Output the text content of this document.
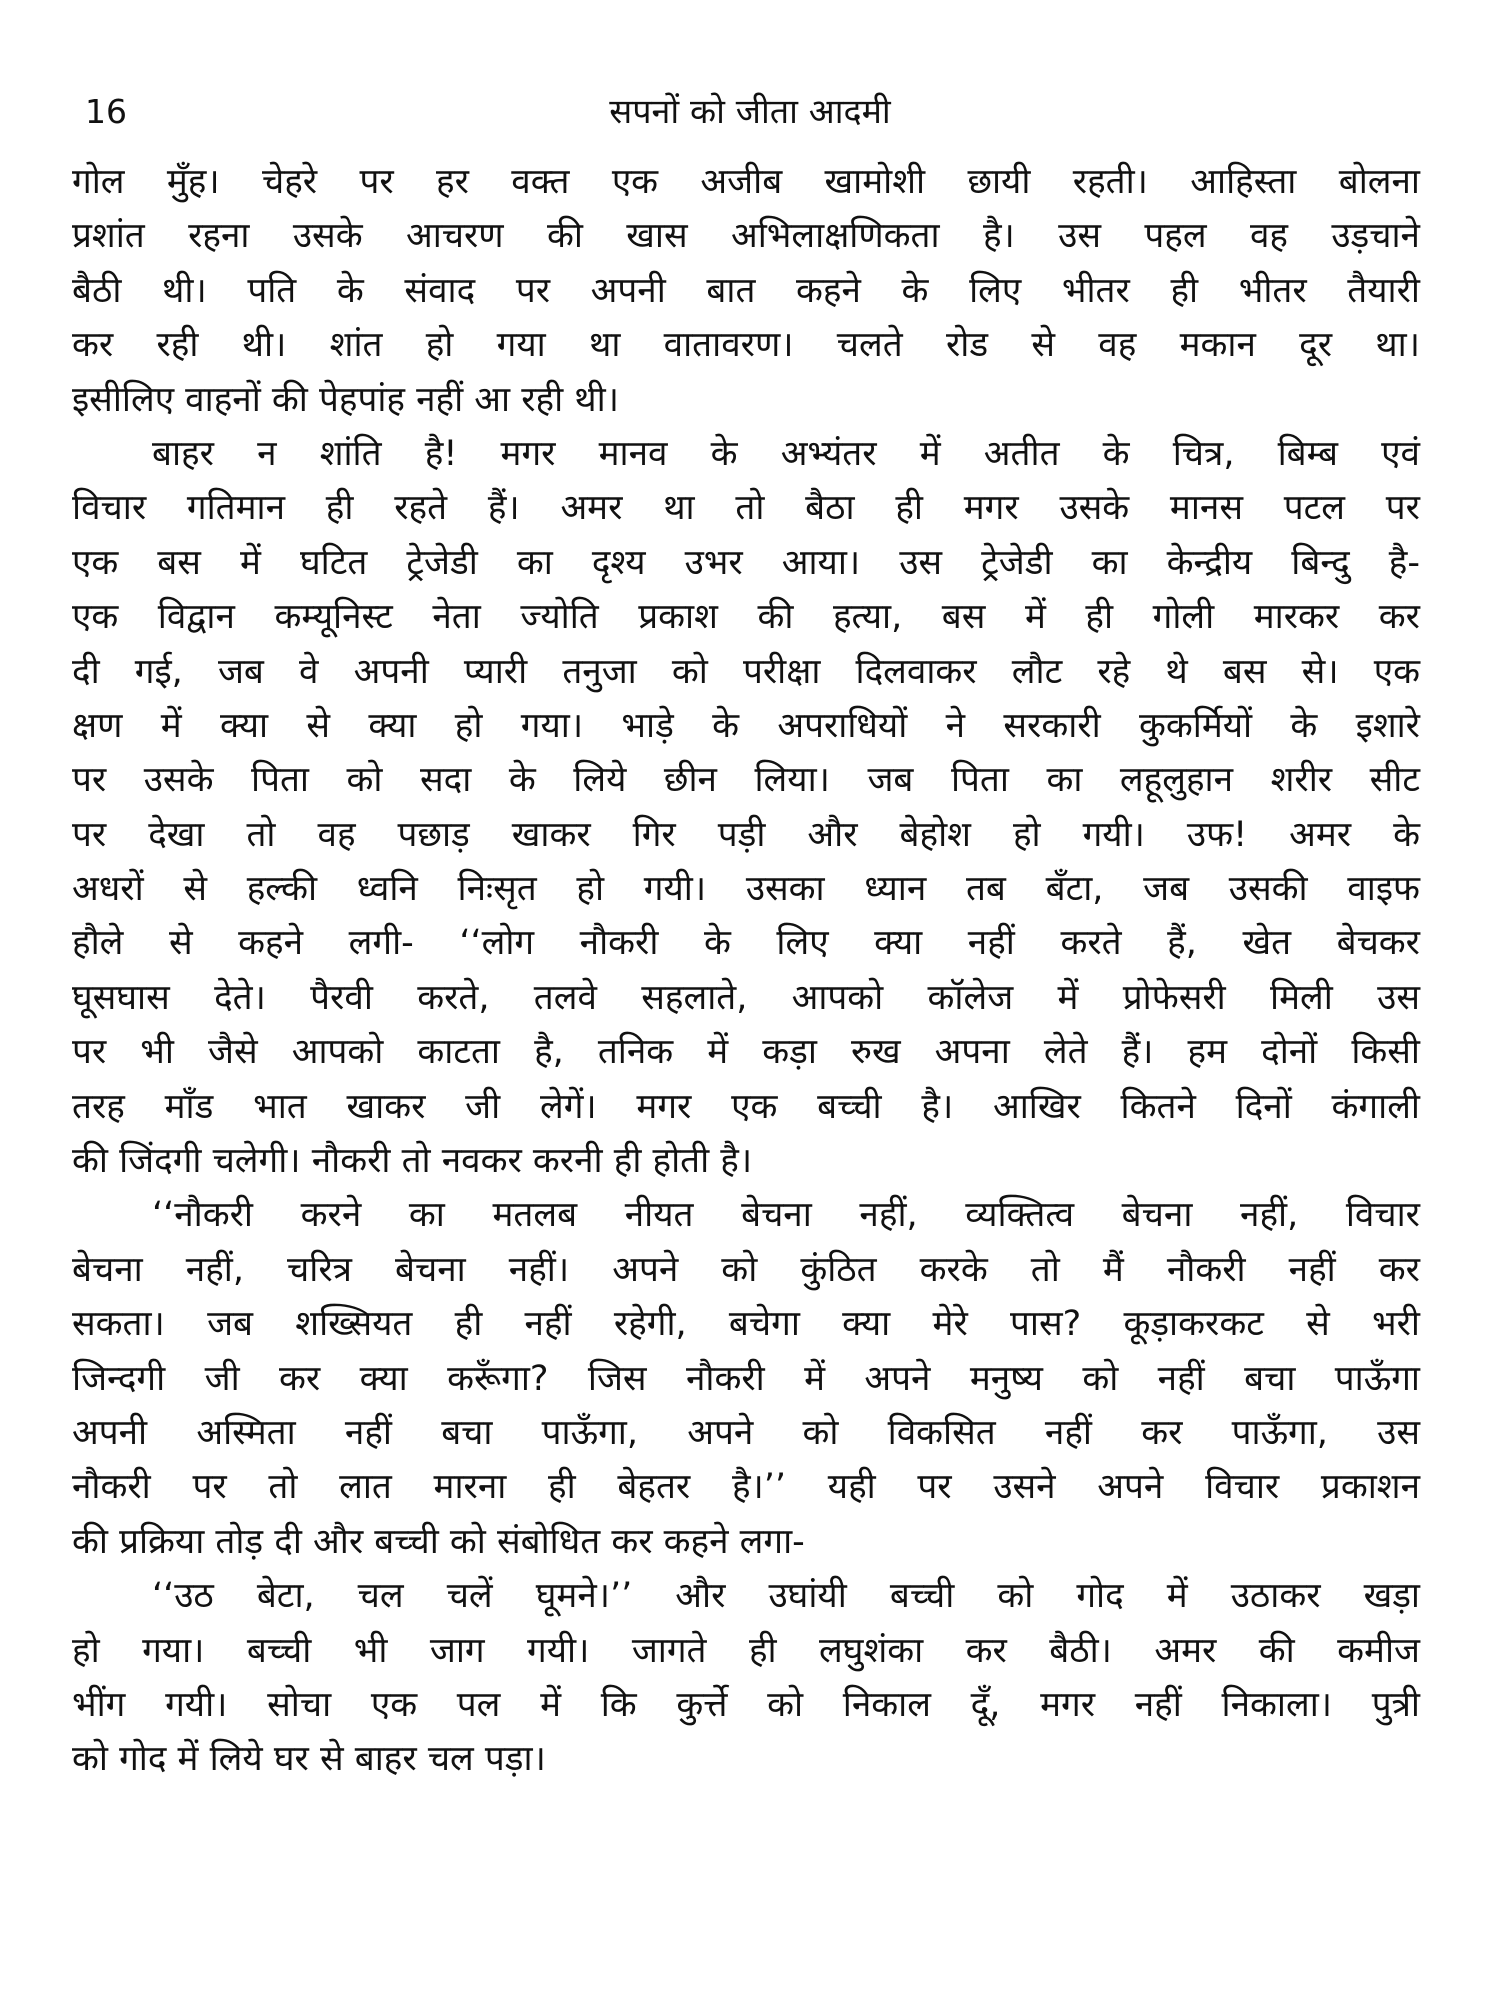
16	सपनों को जीता आदमी
गोल मुँह। चेहरे पर हर वक्त एक अजीब खामोशी छायी रहती। आहिस्ता बोलना
प्रशांत रहना उसके आचरण की खास अभिलाक्षणिकता है। उस पहल वह उड़चाने
बैठी थी। पति के संवाद पर अपनी बात कहने के लिए भीतर ही भीतर तैयारी
कर रही थी। शांत हो गया था वातावरण। चलते रोड से वह मकान दूर था।
इसीलिए वाहनों की पेहपांह नहीं आ रही थी।
बाहर न शांति है! मगर मानव के अभ्यंतर में अतीत के चित्र, बिम्ब एवं
विचार गतिमान ही रहते हैं। अमर था तो बैठा ही मगर उसके मानस पटल पर
एक बस में घटित ट्रेजेडी का दृश्य उभर आया। उस ट्रेजेडी का केन्द्रीय बिन्दु है-
एक विद्वान कम्यूनिस्ट नेता ज्योति प्रकाश की हत्या, बस में ही गोली मारकर कर
दी गई, जब वे अपनी प्यारी तनुजा को परीक्षा दिलवाकर लौट रहे थे बस से। एक
क्षण में क्या से क्या हो गया। भाड़े के अपराधियों ने सरकारी कुकर्मियों के इशारे
पर उसके पिता को सदा के लिये छीन लिया। जब पिता का लहूलुहान शरीर सीट
पर देखा तो वह पछाड़ खाकर गिर पड़ी और बेहोश हो गयी। उफ! अमर के
अधरों से हल्की ध्वनि निःसृत हो गयी। उसका ध्यान तब बँटा, जब उसकी वाइफ
हौले से कहने लगी- ‘‘लोग नौकरी के लिए क्या नहीं करते हैं, खेत बेचकर
घूसघास देते। पैरवी करते, तलवे सहलाते, आपको कॉलेज में प्रोफेसरी मिली उस
पर भी जैसे आपको काटता है, तनिक में कड़ा रुख अपना लेते हैं। हम दोनों किसी
तरह माँड भात खाकर जी लेगें। मगर एक बच्ची है। आखिर कितने दिनों कंगाली
की जिंदगी चलेगी। नौकरी तो नवकर करनी ही होती है।
‘‘नौकरी करने का मतलब नीयत बेचना नहीं, व्यक्तित्व बेचना नहीं, विचार
बेचना नहीं, चरित्र बेचना नहीं। अपने को कुंठित करके तो मैं नौकरी नहीं कर
सकता। जब शख्सियत ही नहीं रहेगी, बचेगा क्या मेरे पास? कूड़ाकरकट से भरी
जिन्दगी जी कर क्या करूँगा? जिस नौकरी में अपने मनुष्य को नहीं बचा पाऊँगा
अपनी अस्मिता नहीं बचा पाऊँगा, अपने को विकसित नहीं कर पाऊँगा, उस
नौकरी पर तो लात मारना ही बेहतर है।’’ यही पर उसने अपने विचार प्रकाशन
की प्रक्रिया तोड़ दी और बच्ची को संबोधित कर कहने लगा-
‘‘उठ बेटा, चल चलें घूमने।’’ और उघांयी बच्ची को गोद में उठाकर खड़ा
हो गया। बच्ची भी जाग गयी। जागते ही लघुशंका कर बैठी। अमर की कमीज
भींग गयी। सोचा एक पल में कि कुर्त्ते को निकाल दूँ, मगर नहीं निकाला। पुत्री
को गोद में लिये घर से बाहर चल पड़ा।
